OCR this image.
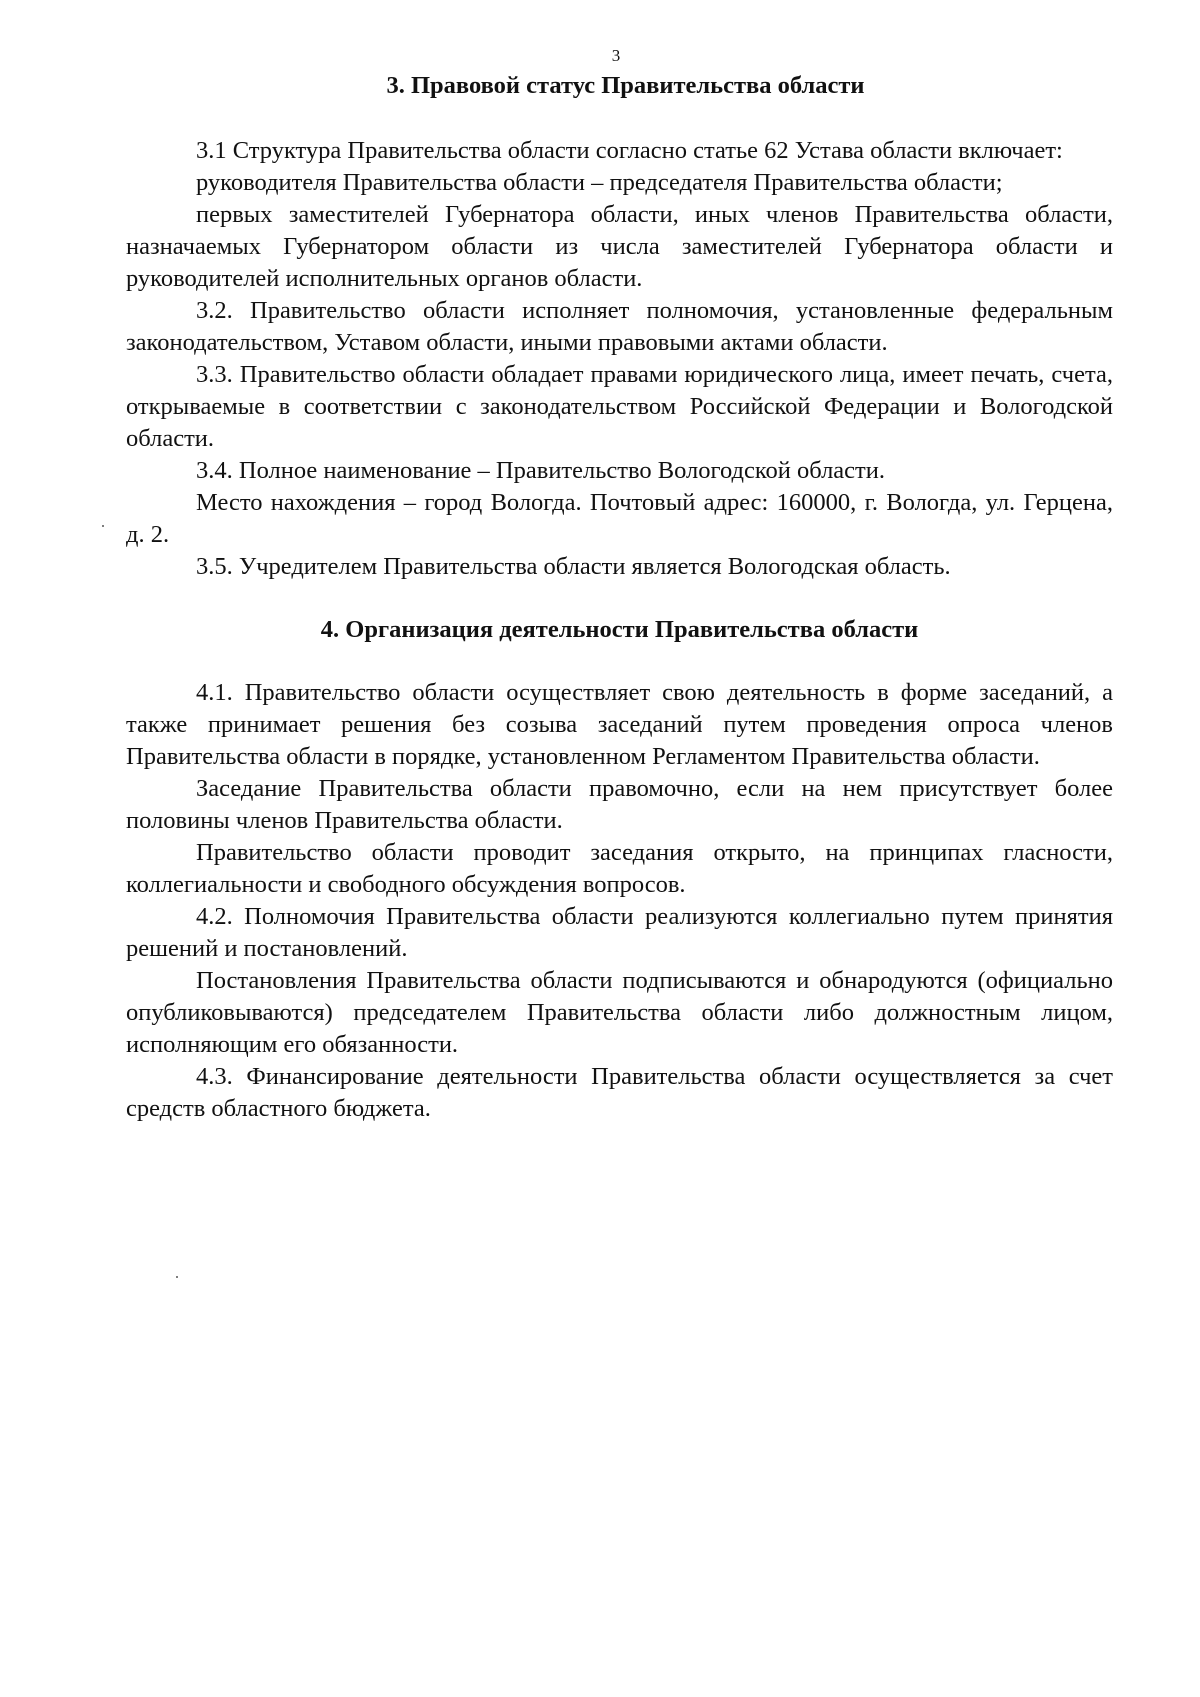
3
3. Правовой статус Правительства области

3.1 Структура Правительства области согласно статье 62 Устава области включает:

руководителя Правительства области – председателя Правительства области;

первых заместителей Губернатора области, иных членов Правительства области, назначаемых Губернатором области из числа заместителей Губернатора области и руководителей исполнительных органов области.

3.2. Правительство области исполняет полномочия, установленные федеральным законодательством, Уставом области, иными правовыми актами области.

3.3. Правительство области обладает правами юридического лица, имеет печать, счета, открываемые в соответствии с законодательством Российской Федерации и Вологодской области.

3.4. Полное наименование – Правительство Вологодской области.

Место нахождения – город Вологда. Почтовый адрес: 160000, г. Вологда, ул. Герцена, д. 2.

3.5. Учредителем Правительства области является Вологодская область.

4. Организация деятельности Правительства области

4.1. Правительство области осуществляет свою деятельность в форме заседаний, а также принимает решения без созыва заседаний путем проведения опроса членов Правительства области в порядке, установленном Регламентом Правительства области.

Заседание Правительства области правомочно, если на нем присутствует более половины членов Правительства области.

Правительство области проводит заседания открыто, на принципах гласности, коллегиальности и свободного обсуждения вопросов.

4.2. Полномочия Правительства области реализуются коллегиально путем принятия решений и постановлений.

Постановления Правительства области подписываются и обнародуются (официально опубликовываются) председателем Правительства области либо должностным лицом, исполняющим его обязанности.

4.3. Финансирование деятельности Правительства области осуществляется за счет средств областного бюджета.
